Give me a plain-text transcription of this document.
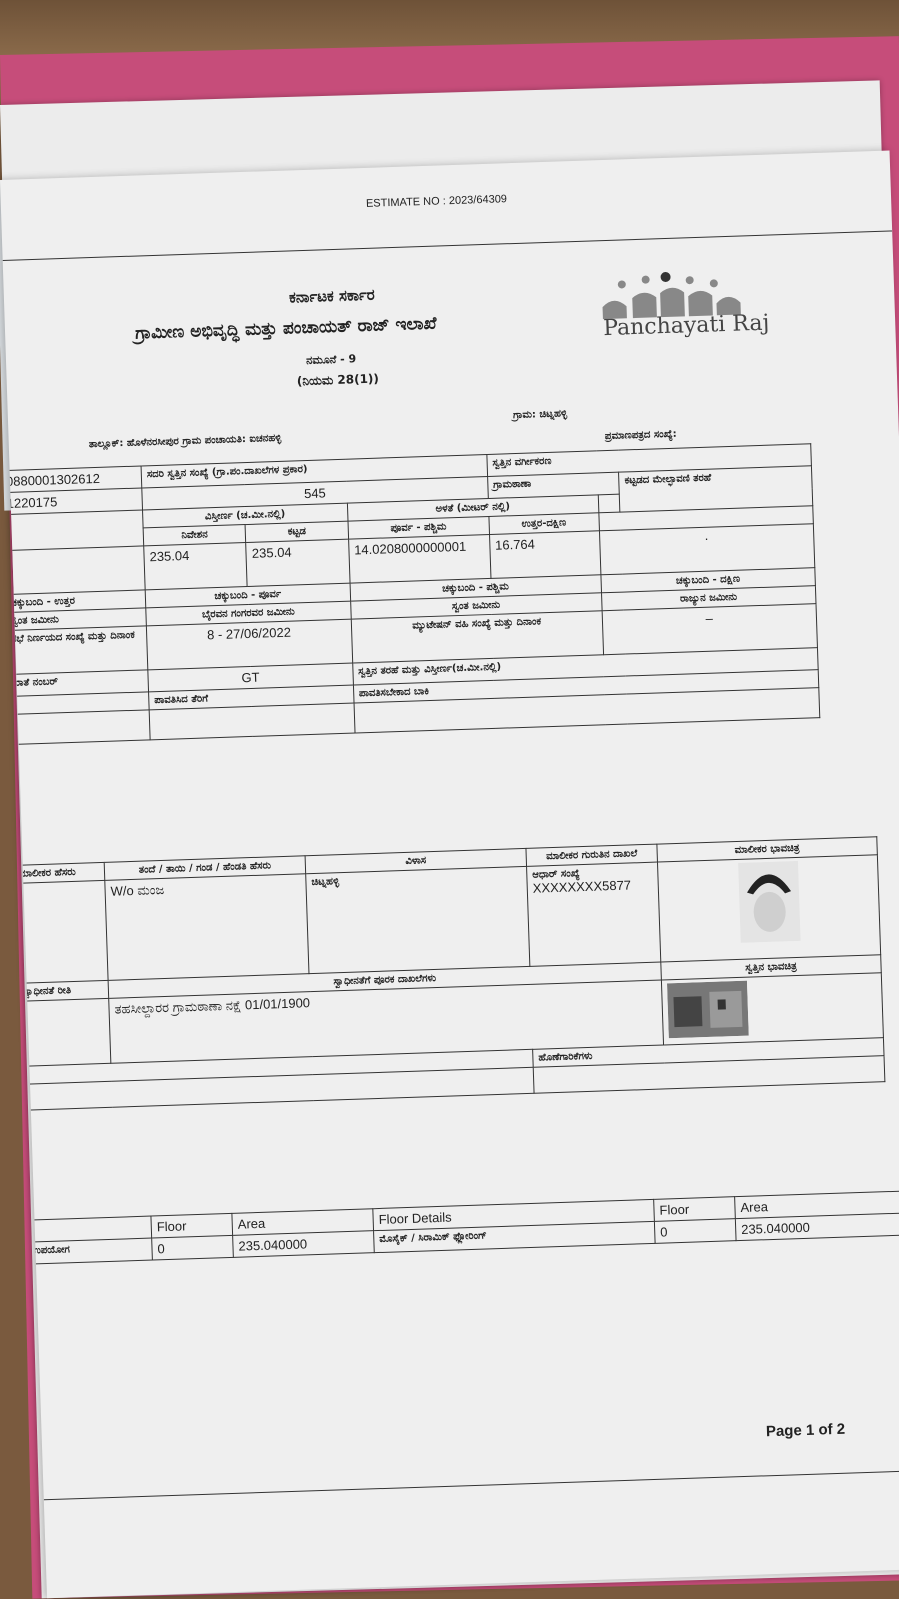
ESTIMATE NO : 2023/64309
ಕರ್ನಾಟಕ ಸರ್ಕಾರ
ಗ್ರಾಮೀಣ ಅಭಿವೃದ್ಧಿ ಮತ್ತು ಪಂಚಾಯತ್ ರಾಜ್ ಇಲಾಖೆ
ನಮೂನೆ - 9
(ನಿಯಮ 28(1))
Panchayati Raj
ತಾಲ್ಲೂಕ್: ಹೊಳೆನರಸೀಪುರ ಗ್ರಾಮ ಪಂಚಾಯತಿ: ಐಚನಹಳ್ಳಿ
ಗ್ರಾಮ: ಚಿಟ್ನಹಳ್ಳಿ
ಪ್ರಮಾಣಪತ್ರದ ಸಂಖ್ಯೆ:
0880001302612	ಸದರಿ ಸ್ವತ್ತಿನ ಸಂಖ್ಯೆ (ಗ್ರಾ.ಪಂ.ದಾಖಲೆಗಳ ಪ್ರಕಾರ)			ಸ್ವತ್ತಿನ ವರ್ಗೀಕರಣ		
1220175	545			ಗ್ರಾಮಠಾಣಾ		ಕಟ್ಟಡದ ಮೇಲ್ಛಾವಣಿ ತರಹೆ
	ವಿಸ್ತೀರ್ಣ (ಚ.ಮೀ.ನಲ್ಲಿ)		ಅಳತೆ (ಮೀಟರ್ ನಲ್ಲಿ)			
	ನಿವೇಶನ	ಕಟ್ಟಡ	ಪೂರ್ವ - ಪಶ್ಚಿಮ	ಉತ್ತರ-ದಕ್ಷಿಣ		
	235.04	235.04	14.0208000000001	16.764	·	
ಚಕ್ಕುಬಂದಿ - ಉತ್ತರ	ಚಕ್ಕುಬಂದಿ - ಪೂರ್ವ		ಚಕ್ಕುಬಂದಿ - ಪಶ್ಚಿಮ		ಚಕ್ಕುಬಂದಿ - ದಕ್ಷಿಣ	
ಸ್ವಂತ ಜಮೀನು	ಬೈರವನ ಗಂಗರವರ ಜಮೀನು		ಸ್ವಂತ ಜಮೀನು		ರಾಜ್ಯುನ ಜಮೀನು	
ಸಭೆ ನಿರ್ಣಯದ ಸಂಖ್ಯೆ ಮತ್ತು ದಿನಾಂಕ	8 - 27/06/2022		ಮ್ಯುಟೇಷನ್ ವಹಿ ಸಂಖ್ಯೆ ಮತ್ತು ದಿನಾಂಕ		–	
ಖಾತೆ ನಂಬರ್	GT		ಸ್ವತ್ತಿನ ತರಹೆ ಮತ್ತು ವಿಸ್ತೀರ್ಣ(ಚ.ಮೀ.ನಲ್ಲಿ)			
	ಪಾವತಿಸಿದ ತೆರಿಗೆ		ಪಾವತಿಸಬೇಕಾದ ಬಾಕಿ			

ಮಾಲೀಕರ ಹೆಸರು	ತಂದೆ / ತಾಯಿ / ಗಂಡ / ಹೆಂಡತಿ ಹೆಸರು	ವಿಳಾಸ	ಮಾಲೀಕರ ಗುರುತಿನ ದಾಖಲೆ	ಮಾಲೀಕರ ಭಾವಚಿತ್ರ
	W/o ಮಂಜ	ಚಿಟ್ನಹಳ್ಳಿ	ಆಧಾರ್ ಸಂಖ್ಯೆ
XXXXXXXX5877

ಸ್ವಾಧೀನತೆ ರೀತಿ	ಸ್ವಾಧೀನತೆಗೆ ಪೂರಕ ದಾಖಲೆಗಳು			ಸ್ವತ್ತಿನ ಭಾವಚಿತ್ರ
	ತಹಸೀಲ್ದಾರರ ಗ್ರಾಮಠಾಣಾ ನಕ್ಷೆ 01/01/1900	
			ಹೊಣೆಗಾರಿಕೆಗಳು	

	Floor	Area	Floor Details	Floor	Area
ಉಪಯೋಗ	0	235.040000	ಮೊಸೈಕ್ / ಸಿರಾಮಿಕ್ ಫ್ಲೋರಿಂಗ್	0	235.040000
Page 1 of 2
